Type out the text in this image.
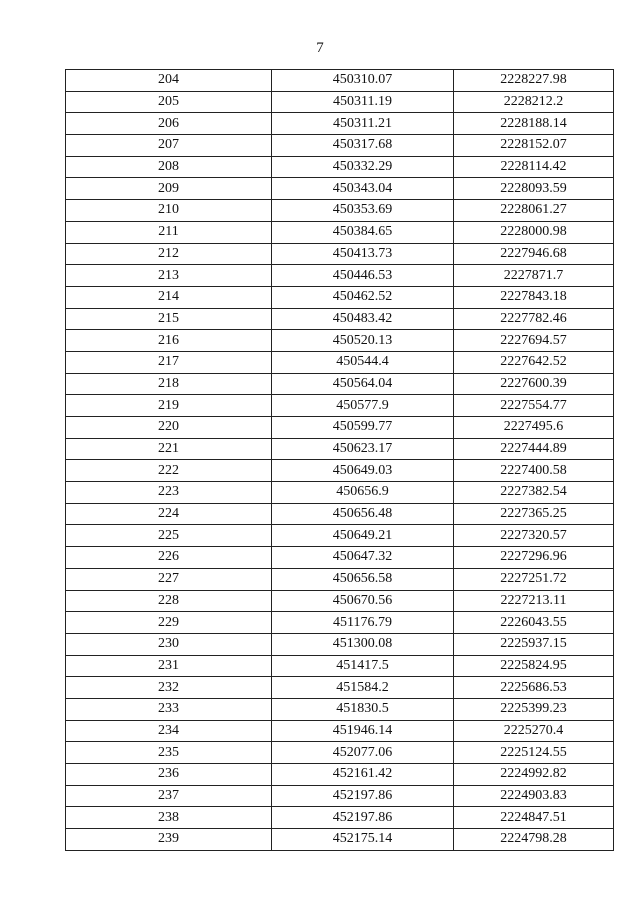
7
204	450310.07	2228227.98
205	450311.19	2228212.2
206	450311.21	2228188.14
207	450317.68	2228152.07
208	450332.29	2228114.42
209	450343.04	2228093.59
210	450353.69	2228061.27
211	450384.65	2228000.98
212	450413.73	2227946.68
213	450446.53	2227871.7
214	450462.52	2227843.18
215	450483.42	2227782.46
216	450520.13	2227694.57
217	450544.4	2227642.52
218	450564.04	2227600.39
219	450577.9	2227554.77
220	450599.77	2227495.6
221	450623.17	2227444.89
222	450649.03	2227400.58
223	450656.9	2227382.54
224	450656.48	2227365.25
225	450649.21	2227320.57
226	450647.32	2227296.96
227	450656.58	2227251.72
228	450670.56	2227213.11
229	451176.79	2226043.55
230	451300.08	2225937.15
231	451417.5	2225824.95
232	451584.2	2225686.53
233	451830.5	2225399.23
234	451946.14	2225270.4
235	452077.06	2225124.55
236	452161.42	2224992.82
237	452197.86	2224903.83
238	452197.86	2224847.51
239	452175.14	2224798.28
